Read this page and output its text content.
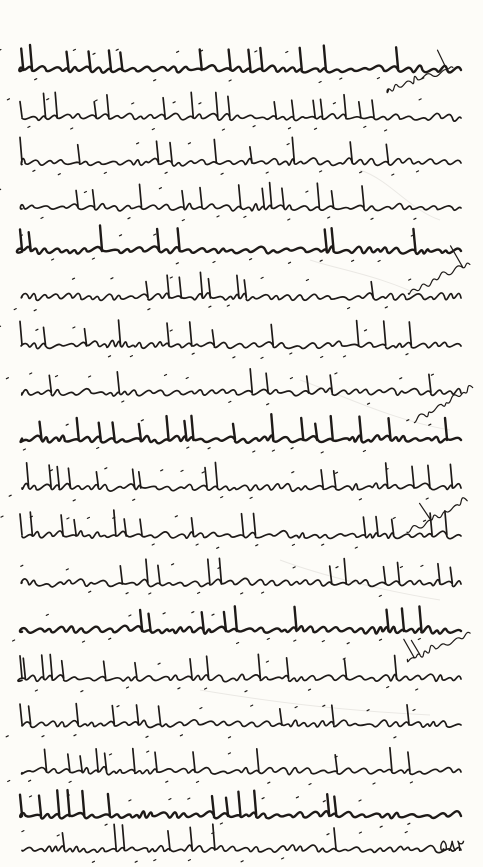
۵۸۲
